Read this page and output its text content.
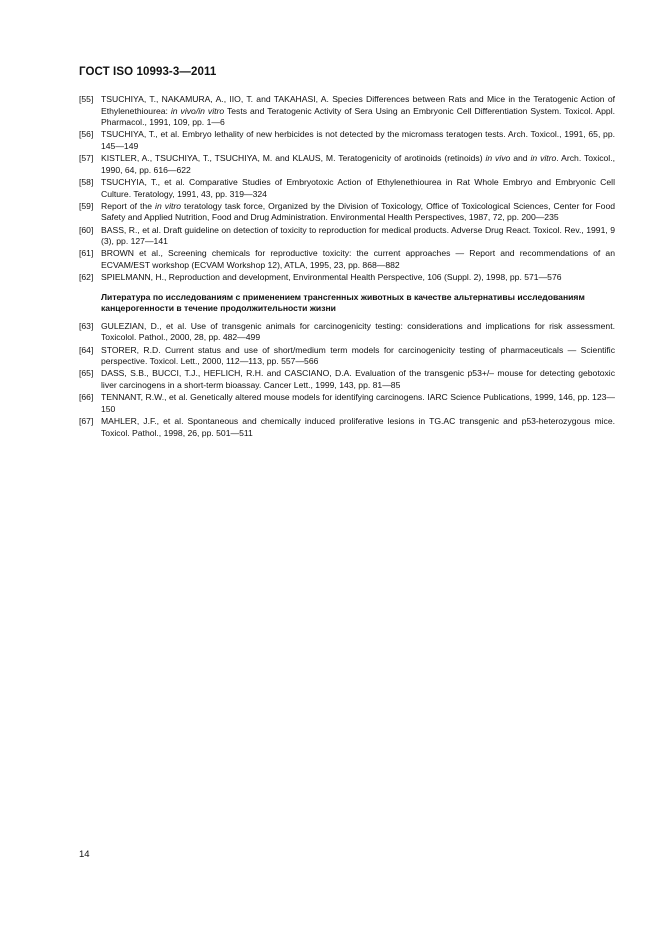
ГОСТ ISO 10993-3—2011
[55] TSUCHIYA, T., NAKAMURA, A., IIO, T. and TAKAHASI, A. Species Differences between Rats and Mice in the Teratogenic Action of Ethylenethiourea: in vivo/in vitro Tests and Teratogenic Activity of Sera Using an Embryonic Cell Differentiation System. Toxicol. Appl. Pharmacol., 1991, 109, pp. 1—6
[56] TSUCHIYA, T., et al. Embryo lethality of new herbicides is not detected by the micromass teratogen tests. Arch. Toxicol., 1991, 65, pp. 145—149
[57] KISTLER, A., TSUCHIYA, T., TSUCHIYA, M. and KLAUS, M. Teratogenicity of arotinoids (retinoids) in vivo and in vitro. Arch. Toxicol., 1990, 64, pp. 616—622
[58] TSUCHYIA, T., et al. Comparative Studies of Embryotoxic Action of Ethylenethiourea in Rat Whole Embryo and Embryonic Cell Culture. Teratology, 1991, 43, pp. 319—324
[59] Report of the in vitro teratology task force, Organized by the Division of Toxicology, Office of Toxicological Sciences, Center for Food Safety and Applied Nutrition, Food and Drug Administration. Environmental Health Perspectives, 1987, 72, pp. 200—235
[60] BASS, R., et al. Draft guideline on detection of toxicity to reproduction for medical products. Adverse Drug React. Toxicol. Rev., 1991, 9 (3), pp. 127—141
[61] BROWN et al., Screening chemicals for reproductive toxicity: the current approaches — Report and recommendations of an ECVAM/EST workshop (ECVAM Workshop 12), ATLA, 1995, 23, pp. 868—882
[62] SPIELMANN, H., Reproduction and development, Environmental Health Perspective, 106 (Suppl. 2), 1998, pp. 571—576
Литература по исследованиям с применением трансгенных животных в качестве альтернативы исследованиям канцерогенности в течение продолжительности жизни
[63] GULEZIAN, D., et al. Use of transgenic animals for carcinogenicity testing: considerations and implications for risk assessment. Toxicolol. Pathol., 2000, 28, pp. 482—499
[64] STORER, R.D. Current status and use of short/medium term models for carcinogenicity testing of pharmaceuticals — Scientific perspective. Toxicol. Lett., 2000, 112—113, pp. 557—566
[65] DASS, S.B., BUCCI, T.J., HEFLICH, R.H. and CASCIANO, D.A. Evaluation of the transgenic p53+/– mouse for detecting gebotoxic liver carcinogens in a short-term bioassay. Cancer Lett., 1999, 143, pp. 81—85
[66] TENNANT, R.W., et al. Genetically altered mouse models for identifying carcinogens. IARC Science Publications, 1999, 146, pp. 123—150
[67] MAHLER, J.F., et al. Spontaneous and chemically induced proliferative lesions in TG.AC transgenic and p53-heterozygous mice. Toxicol. Pathol., 1998, 26, pp. 501—511
14
